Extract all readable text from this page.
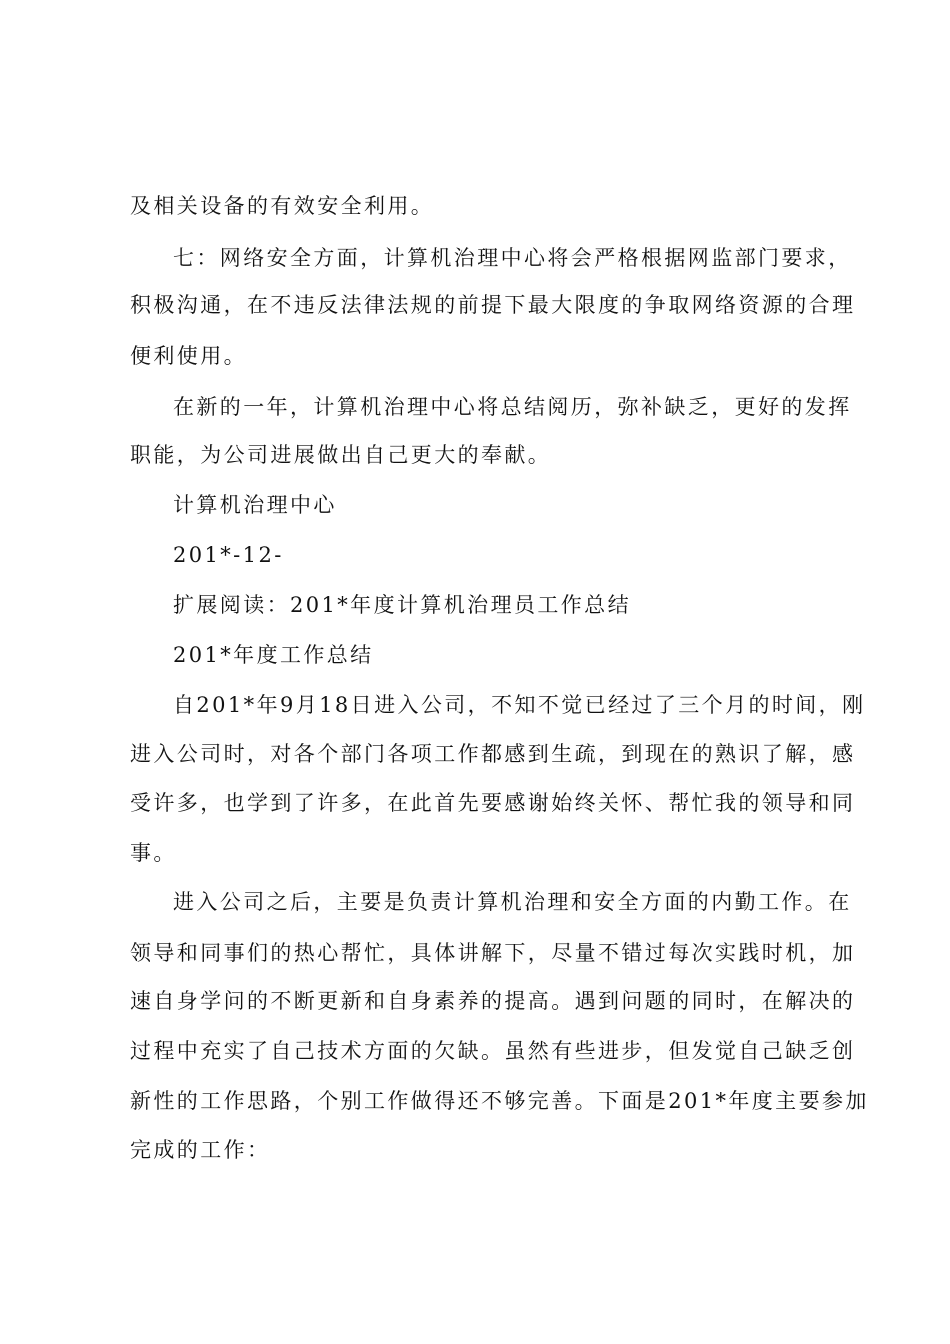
及相关设备的有效安全利用。
七：网络安全方面，计算机治理中心将会严格根据网监部门要求，
积极沟通，在不违反法律法规的前提下最大限度的争取网络资源的合理
便利使用。
在新的一年，计算机治理中心将总结阅历，弥补缺乏，更好的发挥
职能，为公司进展做出自己更大的奉献。
计算机治理中心
201*-12-
扩展阅读：201*年度计算机治理员工作总结
201*年度工作总结
自201*年9月18日进入公司，不知不觉已经过了三个月的时间，刚
进入公司时，对各个部门各项工作都感到生疏，到现在的熟识了解，感
受许多，也学到了许多，在此首先要感谢始终关怀、帮忙我的领导和同
事。
进入公司之后，主要是负责计算机治理和安全方面的内勤工作。在
领导和同事们的热心帮忙，具体讲解下，尽量不错过每次实践时机，加
速自身学问的不断更新和自身素养的提高。遇到问题的同时，在解决的
过程中充实了自己技术方面的欠缺。虽然有些进步，但发觉自己缺乏创
新性的工作思路，个别工作做得还不够完善。下面是201*年度主要参加
完成的工作：
